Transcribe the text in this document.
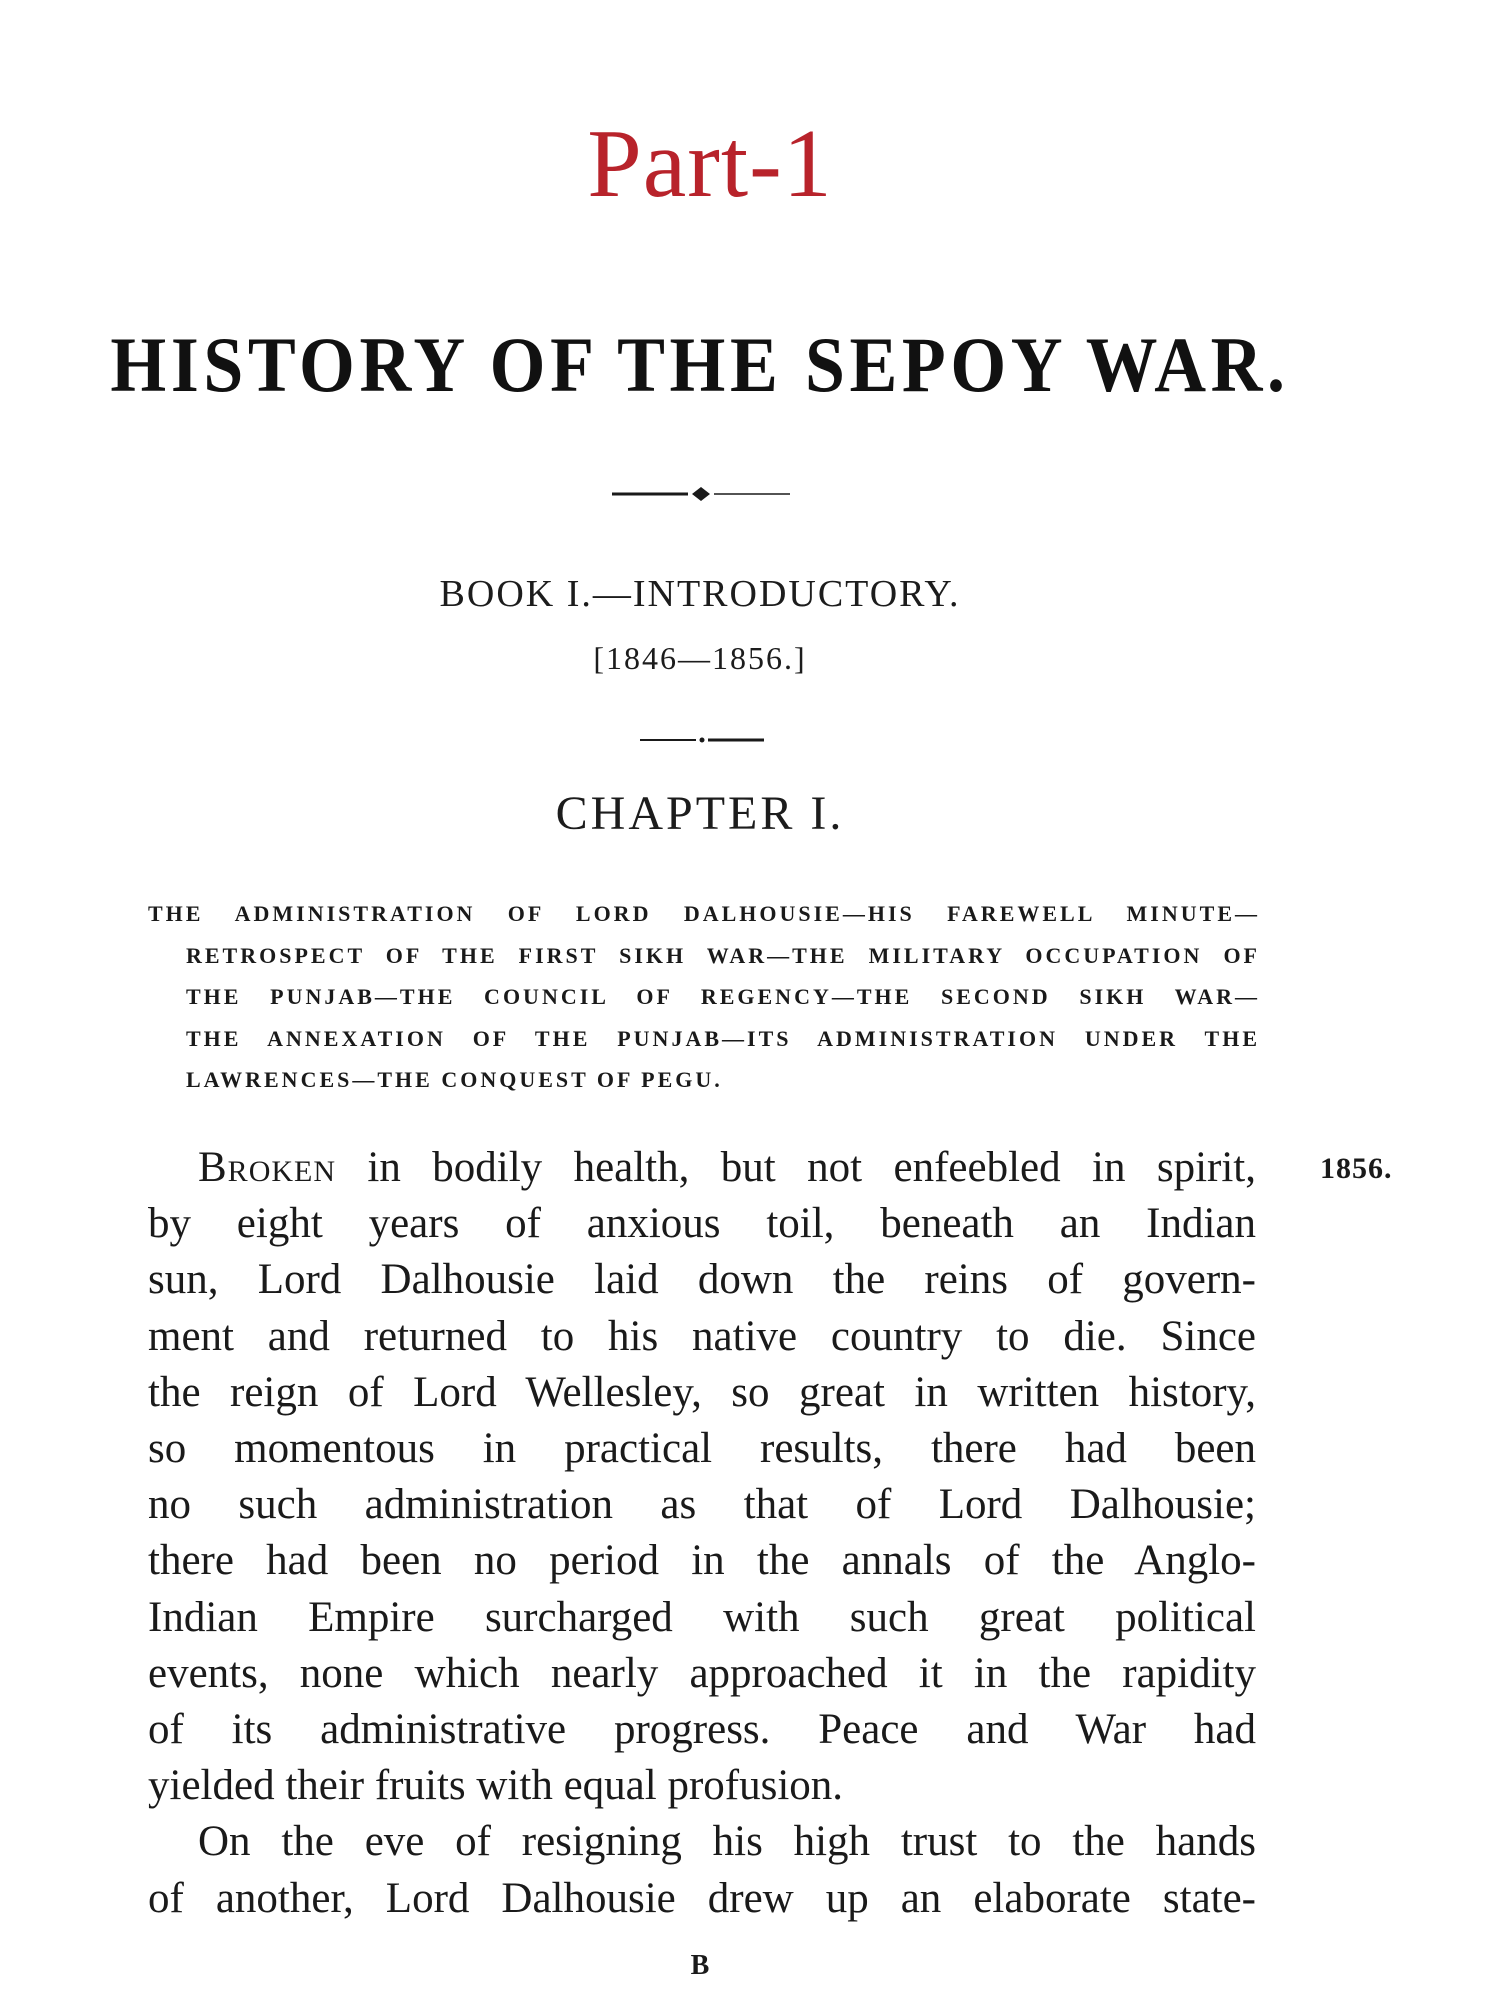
Part-1
HISTORY OF THE SEPOY WAR.
BOOK I.—INTRODUCTORY.
[1846—1856.]
CHAPTER I.
THE ADMINISTRATION OF LORD DALHOUSIE—HIS FAREWELL MINUTE—
RETROSPECT OF THE FIRST SIKH WAR—THE MILITARY OCCUPATION OF
THE PUNJAB—THE COUNCIL OF REGENCY—THE SECOND SIKH WAR—
THE ANNEXATION OF THE PUNJAB—ITS ADMINISTRATION UNDER THE
LAWRENCES—THE CONQUEST OF PEGU.
1856.
Broken in bodily health, but not enfeebled in spirit,
by eight years of anxious toil, beneath an Indian
sun, Lord Dalhousie laid down the reins of govern-
ment and returned to his native country to die. Since
the reign of Lord Wellesley, so great in written history,
so momentous in practical results, there had been
no such administration as that of Lord Dalhousie;
there had been no period in the annals of the Anglo-
Indian Empire surcharged with such great political
events, none which nearly approached it in the rapidity
of its administrative progress. Peace and War had
yielded their fruits with equal profusion.
On the eve of resigning his high trust to the hands
of another, Lord Dalhousie drew up an elaborate state-
B
